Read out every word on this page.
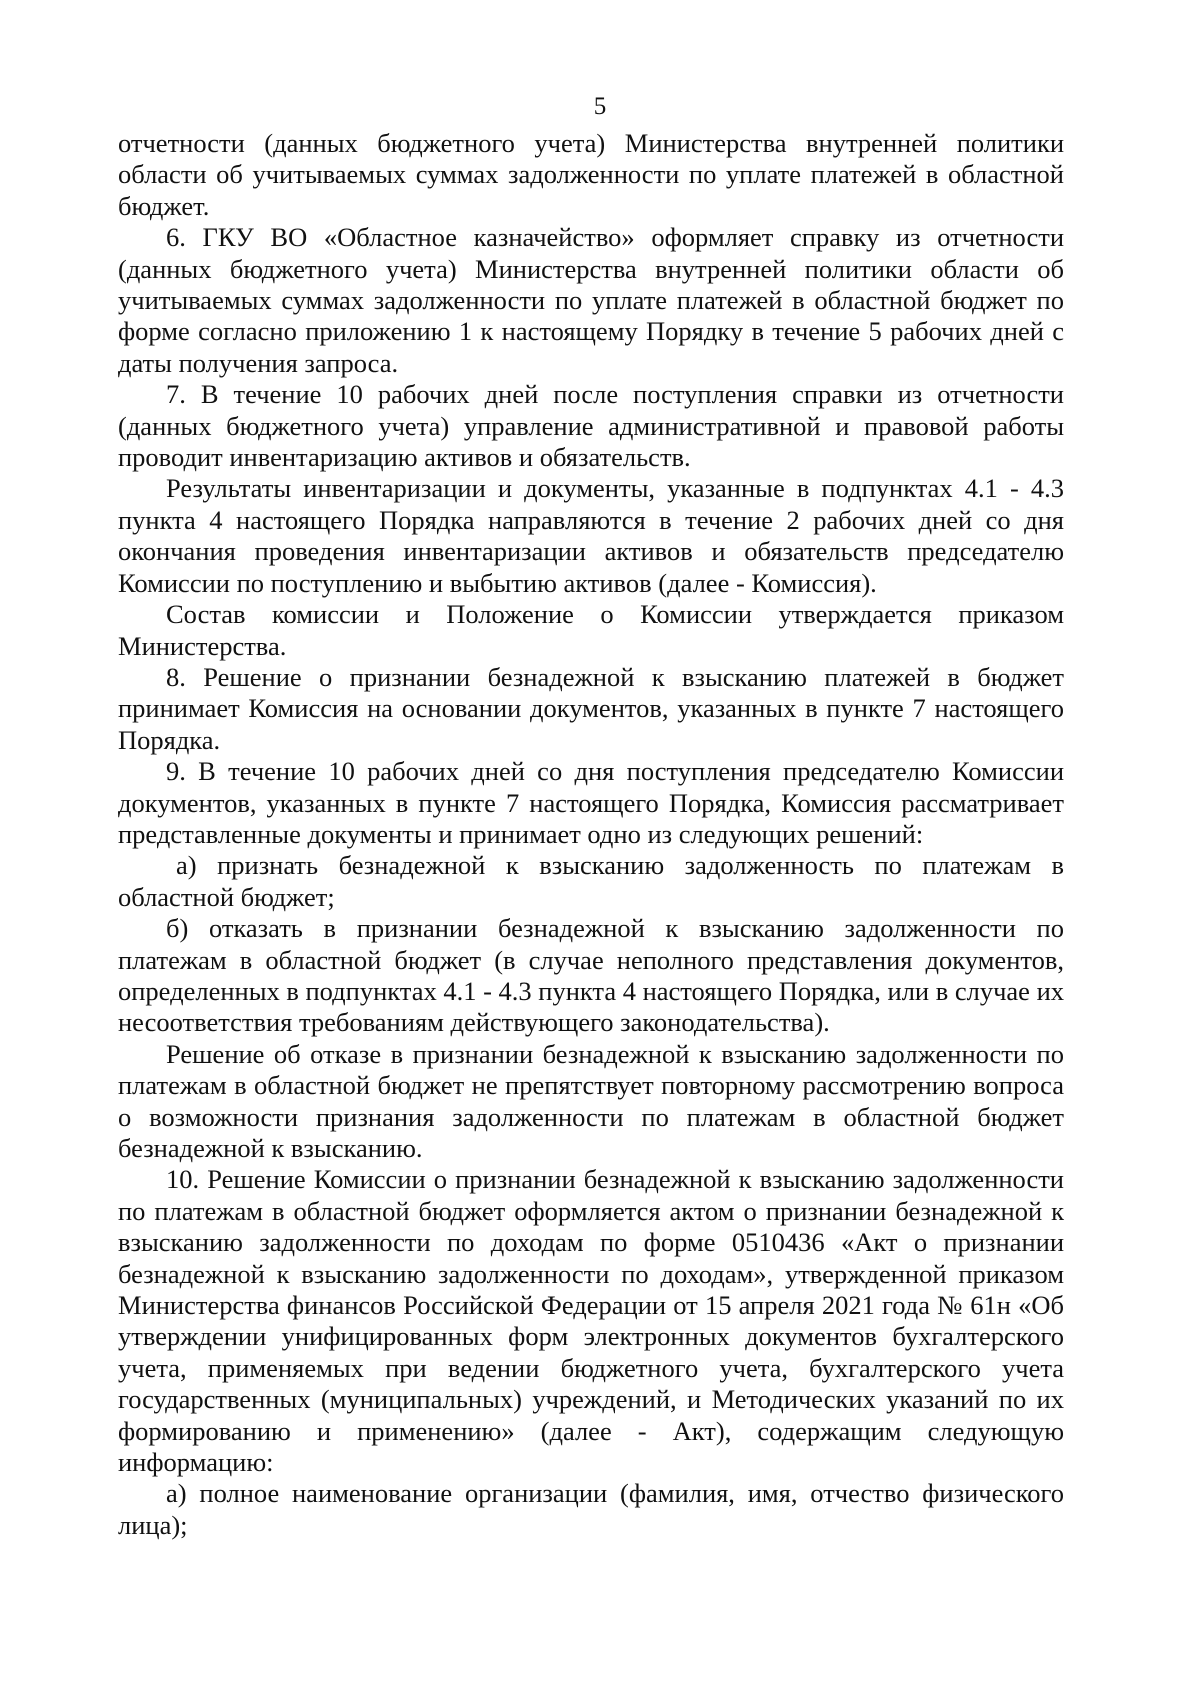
5

отчетности (данных бюджетного учета) Министерства внутренней политики области об учитываемых суммах задолженности по уплате платежей в областной бюджет.

6. ГКУ ВО «Областное казначейство» оформляет справку из отчетности (данных бюджетного учета) Министерства внутренней политики области об учитываемых суммах задолженности по уплате платежей в областной бюджет по форме согласно приложению 1 к настоящему Порядку в течение 5 рабочих дней с даты получения запроса.

7. В течение 10 рабочих дней после поступления справки из отчетности (данных бюджетного учета) управление административной и правовой работы проводит инвентаризацию активов и обязательств.

Результаты инвентаризации и документы, указанные в подпунктах 4.1 - 4.3 пункта 4 настоящего Порядка направляются в течение 2 рабочих дней со дня окончания проведения инвентаризации активов и обязательств председателю Комиссии по поступлению и выбытию активов (далее - Комиссия).

Состав комиссии и Положение о Комиссии утверждается приказом Министерства.

8. Решение о признании безнадежной к взысканию платежей в бюджет принимает Комиссия на основании документов, указанных в пункте 7 настоящего Порядка.

9. В течение 10 рабочих дней со дня поступления председателю Комиссии документов, указанных в пункте 7 настоящего Порядка, Комиссия рассматривает представленные документы и принимает одно из следующих решений:

а) признать безнадежной к взысканию задолженность по платежам в областной бюджет;

б) отказать в признании безнадежной к взысканию задолженности по платежам в областной бюджет (в случае неполного представления документов, определенных в подпунктах 4.1 - 4.3 пункта 4 настоящего Порядка, или в случае их несоответствия требованиям действующего законодательства).

Решение об отказе в признании безнадежной к взысканию задолженности по платежам в областной бюджет не препятствует повторному рассмотрению вопроса о возможности признания задолженности по платежам в областной бюджет безнадежной к взысканию.

10. Решение Комиссии о признании безнадежной к взысканию задолженности по платежам в областной бюджет оформляется актом о признании безнадежной к взысканию задолженности по доходам по форме 0510436 «Акт о признании безнадежной к взысканию задолженности по доходам», утвержденной приказом Министерства финансов Российской Федерации от 15 апреля 2021 года № 61н «Об утверждении унифицированных форм электронных документов бухгалтерского учета, применяемых при ведении бюджетного учета, бухгалтерского учета государственных (муниципальных) учреждений, и Методических указаний по их формированию и применению» (далее - Акт), содержащим следующую информацию:

а) полное наименование организации (фамилия, имя, отчество физического лица);
